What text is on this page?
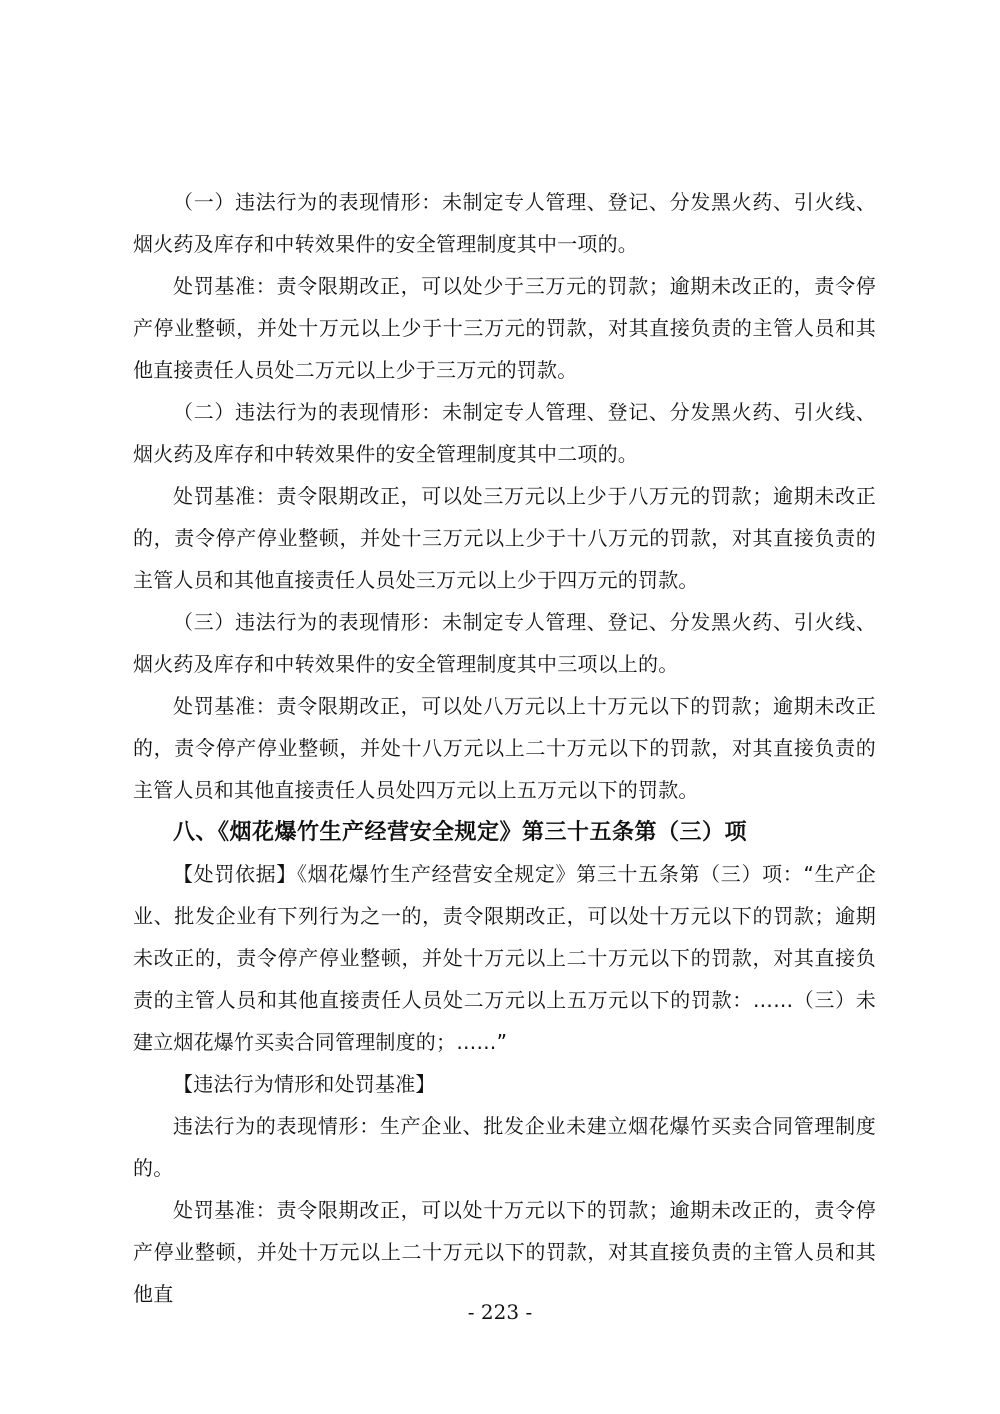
（一）违法行为的表现情形：未制定专人管理、登记、分发黑火药、引火线、烟火药及库存和中转效果件的安全管理制度其中一项的。

处罚基准：责令限期改正，可以处少于三万元的罚款；逾期未改正的，责令停产停业整顿，并处十万元以上少于十三万元的罚款，对其直接负责的主管人员和其他直接责任人员处二万元以上少于三万元的罚款。

（二）违法行为的表现情形：未制定专人管理、登记、分发黑火药、引火线、烟火药及库存和中转效果件的安全管理制度其中二项的。

处罚基准：责令限期改正，可以处三万元以上少于八万元的罚款；逾期未改正的，责令停产停业整顿，并处十三万元以上少于十八万元的罚款，对其直接负责的主管人员和其他直接责任人员处三万元以上少于四万元的罚款。

（三）违法行为的表现情形：未制定专人管理、登记、分发黑火药、引火线、烟火药及库存和中转效果件的安全管理制度其中三项以上的。

处罚基准：责令限期改正，可以处八万元以上十万元以下的罚款；逾期未改正的，责令停产停业整顿，并处十八万元以上二十万元以下的罚款，对其直接负责的主管人员和其他直接责任人员处四万元以上五万元以下的罚款。

八、《烟花爆竹生产经营安全规定》第三十五条第（三）项

【处罚依据】《烟花爆竹生产经营安全规定》第三十五条第（三）项：“生产企业、批发企业有下列行为之一的，责令限期改正，可以处十万元以下的罚款；逾期未改正的，责令停产停业整顿，并处十万元以上二十万元以下的罚款，对其直接负责的主管人员和其他直接责任人员处二万元以上五万元以下的罚款：……（三）未建立烟花爆竹买卖合同管理制度的；……”

【违法行为情形和处罚基准】

违法行为的表现情形：生产企业、批发企业未建立烟花爆竹买卖合同管理制度的。

处罚基准：责令限期改正，可以处十万元以下的罚款；逾期未改正的，责令停产停业整顿，并处十万元以上二十万元以下的罚款，对其直接负责的主管人员和其他直

- 223 -
